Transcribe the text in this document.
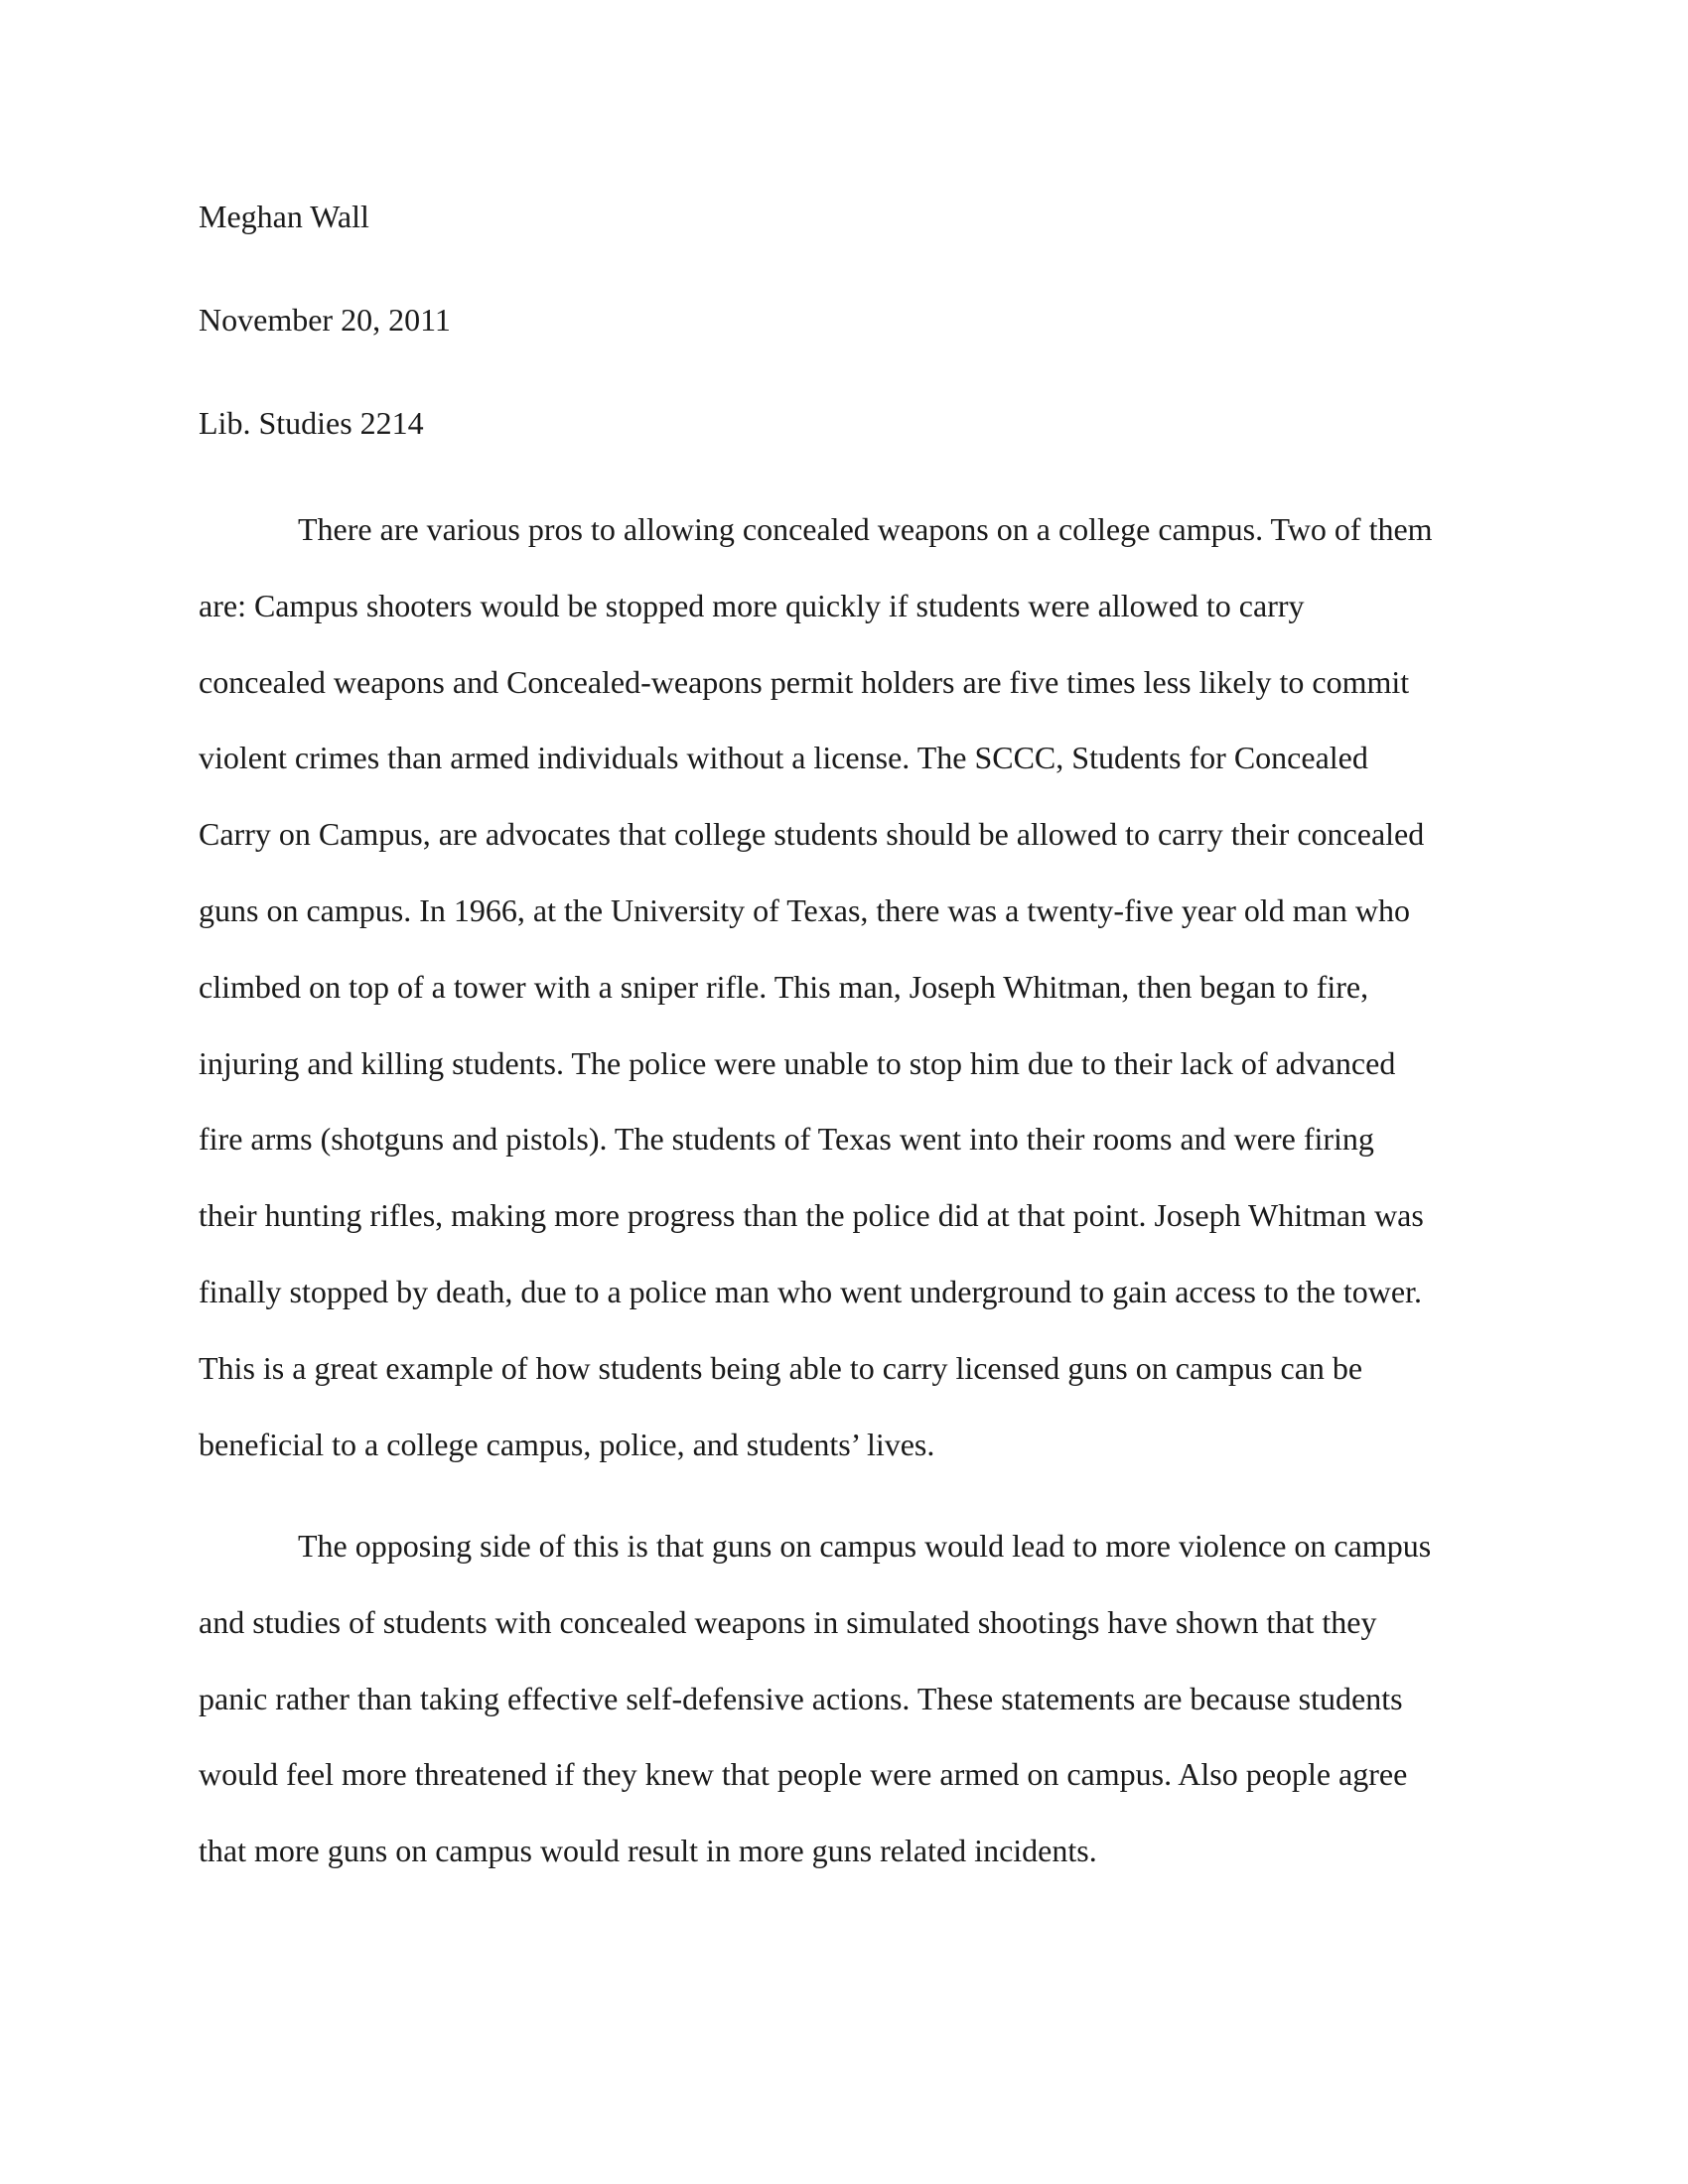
Meghan Wall
November 20, 2011
Lib. Studies 2214
There are various pros to allowing concealed weapons on a college campus. Two of them
are: Campus shooters would be stopped more quickly if students were allowed to carry
concealed weapons and Concealed-weapons permit holders are five times less likely to commit
violent crimes than armed individuals without a license. The SCCC, Students for Concealed
Carry on Campus, are advocates that college students should be allowed to carry their concealed
guns on campus. In 1966, at the University of Texas, there was a twenty-five year old man who
climbed on top of a tower with a sniper rifle. This man, Joseph Whitman, then began to fire,
injuring and killing students. The police were unable to stop him due to their lack of advanced
fire arms (shotguns and pistols). The students of Texas went into their rooms and were firing
their hunting rifles, making more progress than the police did at that point. Joseph Whitman was
finally stopped by death, due to a police man who went underground to gain access to the tower.
This is a great example of how students being able to carry licensed guns on campus can be
beneficial to a college campus, police, and students’ lives.
The opposing side of this is that guns on campus would lead to more violence on campus
and studies of students with concealed weapons in simulated shootings have shown that they
panic rather than taking effective self-defensive actions. These statements are because students
would feel more threatened if they knew that people were armed on campus. Also people agree
that more guns on campus would result in more guns related incidents.
